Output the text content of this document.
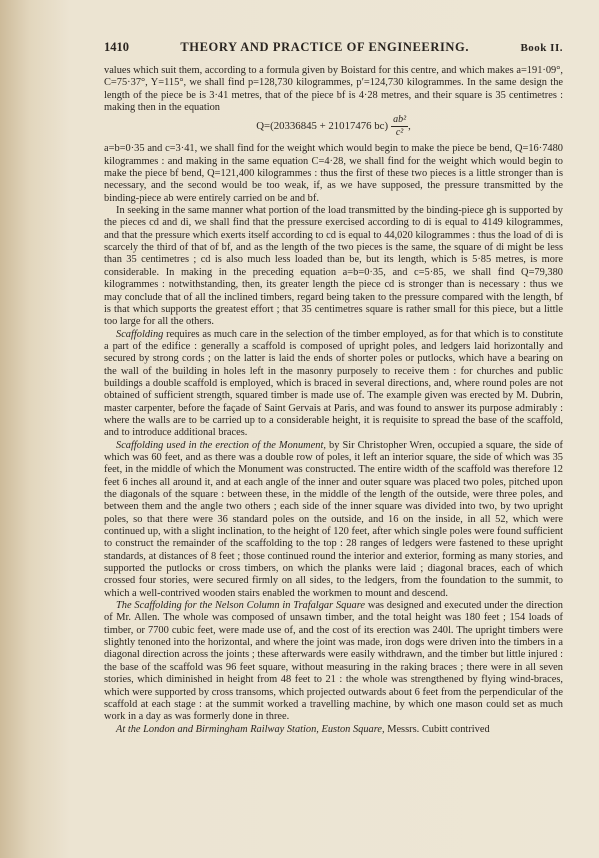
1410	THEORY AND PRACTICE OF ENGINEERING.	Book II.

values which suit them, according to a formula given by Boistard for this centre, and which makes a=191·09°, C=75·37°, Y=115°, we shall find p=128,730 kilogrammes, p′=124,730 kilogrammes. In the same design the length of the piece be is 3·41 metres, that of the piece bf is 4·28 metres, and their square is 35 centimetres : making then in the equation

Q=(20336845 + 21017476 $bc) \frac{\text{ab²}}{\text{c²}}$ ,

a=b=0·35 and c=3·41, we shall find for the weight which would begin to make the piece be bend, Q=16·7480 kilogrammes : and making in the same equation C=4·28, we shall find for the weight which would begin to make the piece bf bend, Q=121,400 kilogrammes : thus the first of these two pieces is a little stronger than is necessary, and the second would be too weak, if, as we have supposed, the pressure transmitted by the binding-piece ab were entirely carried on be and bf.

In seeking in the same manner what portion of the load transmitted by the binding-piece gh is supported by the pieces cd and di, we shall find that the pressure exercised according to di is equal to 4149 kilogrammes, and that the pressure which exerts itself according to cd is equal to 44,020 kilogrammes : thus the load of di is scarcely the third of that of bf, and as the length of the two pieces is the same, the square of di might be less than 35 centimetres ; cd is also much less loaded than be, but its length, which is 5·85 metres, is more considerable. In making in the preceding equation a=b=0·35, and c=5·85, we shall find Q=79,380 kilogrammes : notwithstanding, then, its greater length the piece cd is stronger than is necessary : thus we may conclude that of all the inclined timbers, regard being taken to the pressure compared with the length, bf is that which supports the greatest effort ; that 35 centimetres square is rather small for this piece, but a little too large for all the others.

Scaffolding requires as much care in the selection of the timber employed, as for that which is to constitute a part of the edifice : generally a scaffold is composed of upright poles, and ledgers laid horizontally and secured by strong cords ; on the latter is laid the ends of shorter poles or putlocks, which have a bearing on the wall of the building in holes left in the masonry purposely to receive them : for churches and public buildings a double scaffold is employed, which is braced in several directions, and, where round poles are not obtained of sufficient strength, squared timber is made use of. The example given was erected by M. Dubrin, master carpenter, before the façade of Saint Gervais at Paris, and was found to answer its purpose admirably : where the walls are to be carried up to a considerable height, it is requisite to spread the base of the scaffold, and to introduce additional braces.

Scaffolding used in the erection of the Monument, by Sir Christopher Wren, occupied a square, the side of which was 60 feet, and as there was a double row of poles, it left an interior square, the side of which was 35 feet, in the middle of which the Monument was constructed. The entire width of the scaffold was therefore 12 feet 6 inches all around it, and at each angle of the inner and outer square was placed two poles, pitched upon the diagonals of the square : between these, in the middle of the length of the outside, were three poles, and between them and the angle two others ; each side of the inner square was divided into two, by two upright poles, so that there were 36 standard poles on the outside, and 16 on the inside, in all 52, which were continued up, with a slight inclination, to the height of 120 feet, after which single poles were found sufficient to construct the remainder of the scaffolding to the top : 28 ranges of ledgers were fastened to these upright standards, at distances of 8 feet ; those continued round the interior and exterior, forming as many stories, and supported the putlocks or cross timbers, on which the planks were laid ; diagonal braces, each of which crossed four stories, were secured firmly on all sides, to the ledgers, from the foundation to the summit, to which a well-contrived wooden stairs enabled the workmen to mount and descend.

The Scaffolding for the Nelson Column in Trafalgar Square was designed and executed under the direction of Mr. Allen. The whole was composed of unsawn timber, and the total height was 180 feet ; 154 loads of timber, or 7700 cubic feet, were made use of, and the cost of its erection was 240l. The upright timbers were slightly tenoned into the horizontal, and where the joint was made, iron dogs were driven into the timbers in a diagonal direction across the joints ; these afterwards were easily withdrawn, and the timber but little injured : the base of the scaffold was 96 feet square, without measuring in the raking braces ; there were in all seven stories, which diminished in height from 48 feet to 21 : the whole was strengthened by flying wind-braces, which were supported by cross transoms, which projected outwards about 6 feet from the perpendicular of the scaffold at each stage : at the summit worked a travelling machine, by which one mason could set as much work in a day as was formerly done in three.

At the London and Birmingham Railway Station, Euston Square, Messrs. Cubitt contrived
